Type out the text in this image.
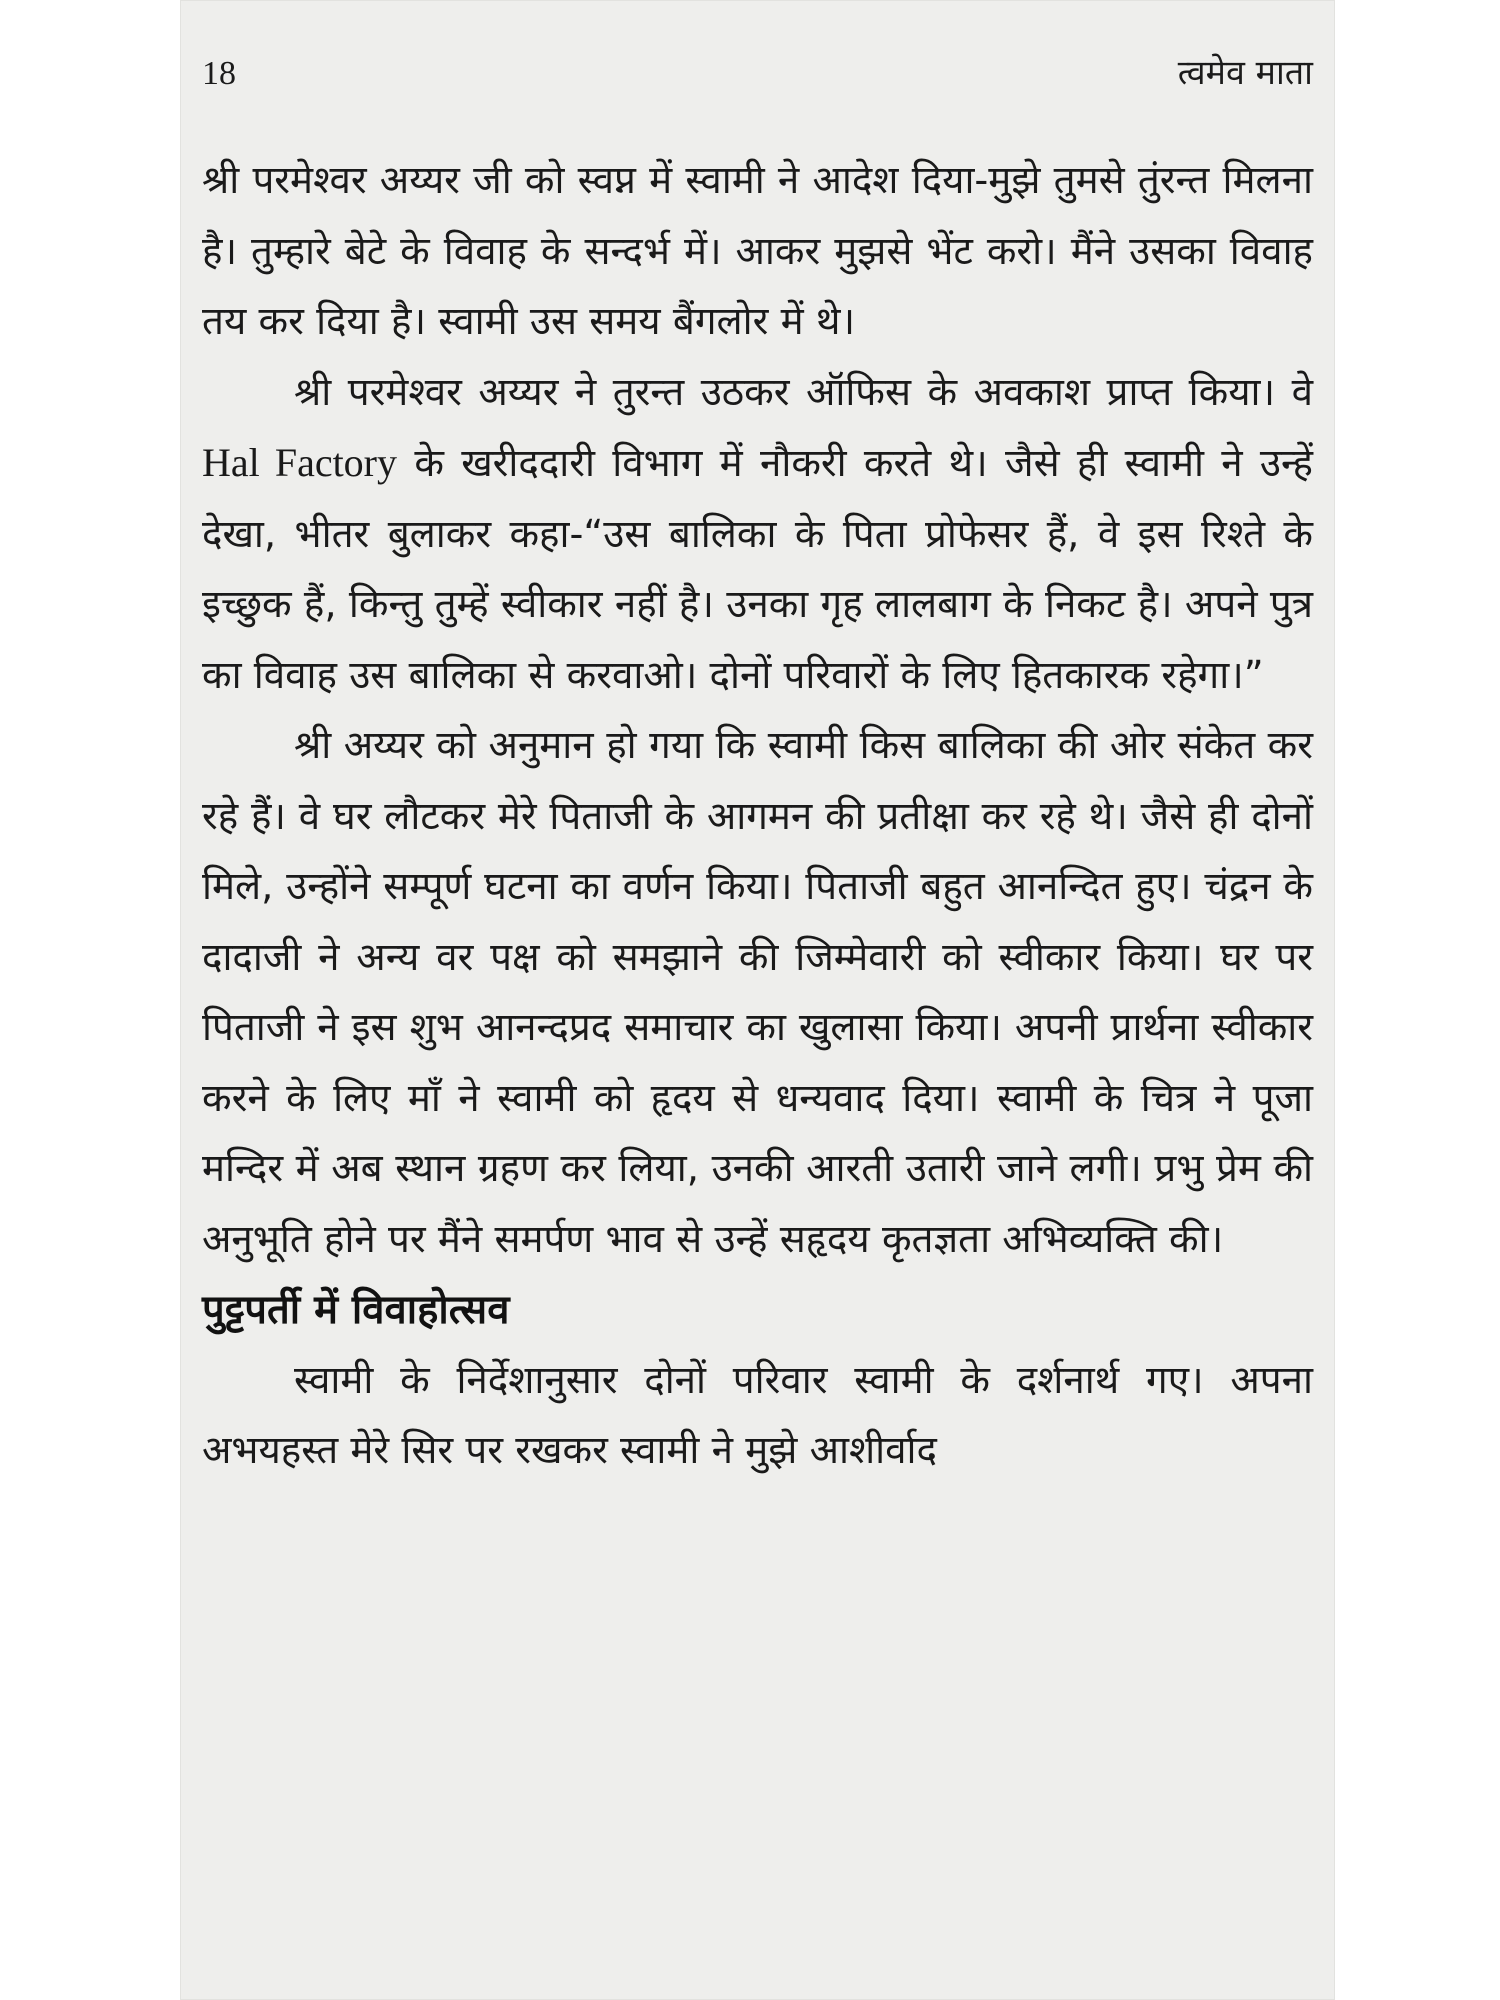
18	त्वमेव माता

श्री परमेश्वर अय्यर जी को स्वप्न में स्वामी ने आदेश दिया-मुझे तुमसे तुंरन्त मिलना है। तुम्हारे बेटे के विवाह के सन्दर्भ में। आकर मुझसे भेंट करो। मैंने उसका विवाह तय कर दिया है। स्वामी उस समय बैंगलोर में थे।

श्री परमेश्वर अय्यर ने तुरन्त उठकर ऑफिस के अवकाश प्राप्त किया। वे Hal Factory के खरीददारी विभाग में नौकरी करते थे। जैसे ही स्वामी ने उन्हें देखा, भीतर बुलाकर कहा-“उस बालिका के पिता प्रोफेसर हैं, वे इस रिश्ते के इच्छुक हैं, किन्तु तुम्हें स्वीकार नहीं है। उनका गृह लालबाग के निकट है। अपने पुत्र का विवाह उस बालिका से करवाओ। दोनों परिवारों के लिए हितकारक रहेगा।”

श्री अय्यर को अनुमान हो गया कि स्वामी किस बालिका की ओर संकेत कर रहे हैं। वे घर लौटकर मेरे पिताजी के आगमन की प्रतीक्षा कर रहे थे। जैसे ही दोनों मिले, उन्होंने सम्पूर्ण घटना का वर्णन किया। पिताजी बहुत आनन्दित हुए। चंद्रन के दादाजी ने अन्य वर पक्ष को समझाने की जिम्मेवारी को स्वीकार किया। घर पर पिताजी ने इस शुभ आनन्दप्रद समाचार का खुलासा किया। अपनी प्रार्थना स्वीकार करने के लिए माँ ने स्वामी को हृदय से धन्यवाद दिया। स्वामी के चित्र ने पूजा मन्दिर में अब स्थान ग्रहण कर लिया, उनकी आरती उतारी जाने लगी। प्रभु प्रेम की अनुभूति होने पर मैंने समर्पण भाव से उन्हें सहृदय कृतज्ञता अभिव्यक्ति की।

पुट्टपर्ती में विवाहोत्सव

स्वामी के निर्देशानुसार दोनों परिवार स्वामी के दर्शनार्थ गए। अपना अभयहस्त मेरे सिर पर रखकर स्वामी ने मुझे आशीर्वाद
